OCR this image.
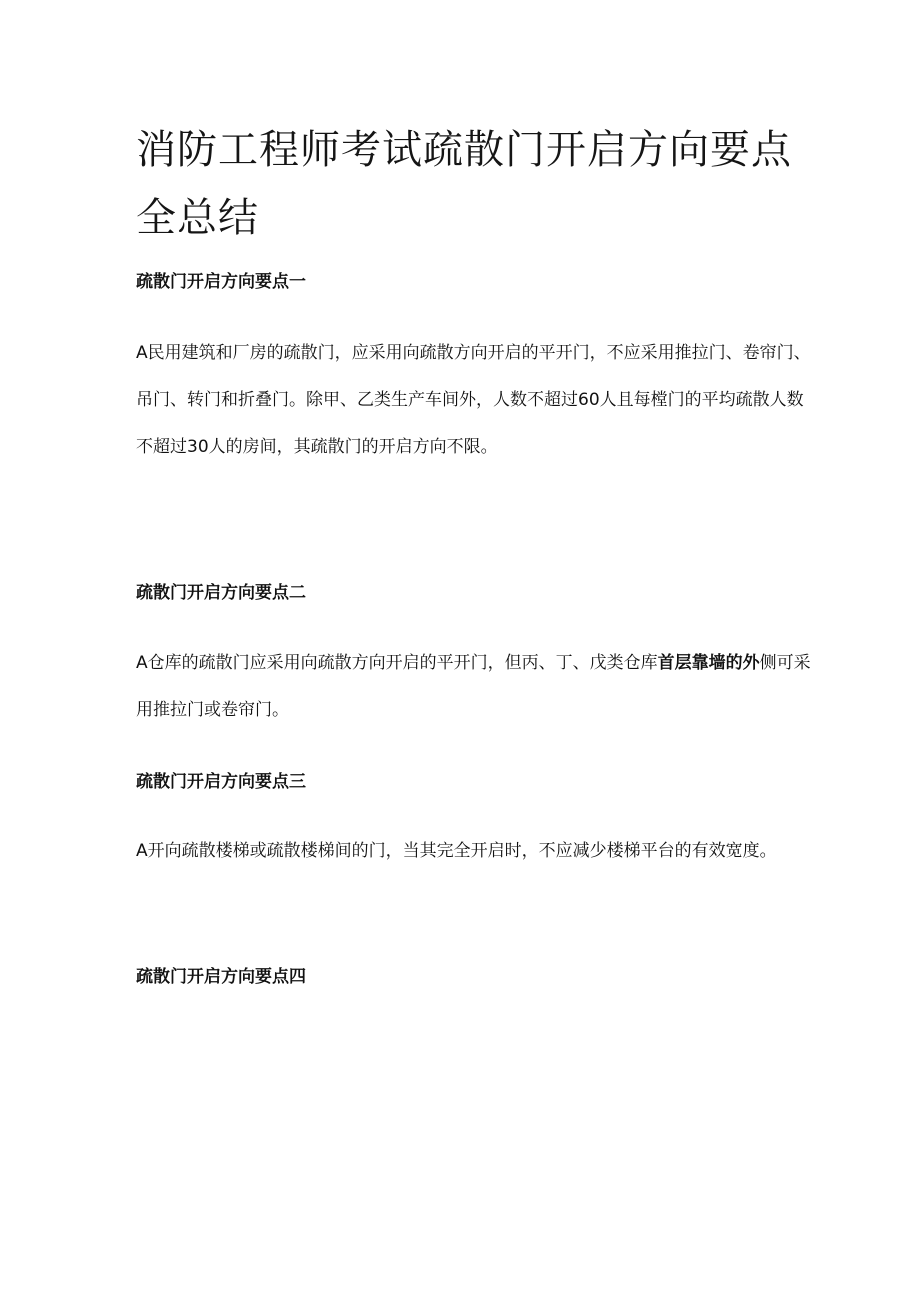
消防工程师考试疏散门开启方向要点全总结
疏散门开启方向要点一

A民用建筑和厂房的疏散门，应采用向疏散方向开启的平开门，不应采用推拉门、卷帘门、吊门、转门和折叠门。除甲、乙类生产车间外，人数不超过60人且每樘门的平均疏散人数不超过30人的房间，其疏散门的开启方向不限。

疏散门开启方向要点二

A仓库的疏散门应采用向疏散方向开启的平开门，但丙、丁、戊类仓库首层靠墙的外侧可采用推拉门或卷帘门。

疏散门开启方向要点三

A开向疏散楼梯或疏散楼梯间的门，当其完全开启时，不应减少楼梯平台的有效宽度。

疏散门开启方向要点四
